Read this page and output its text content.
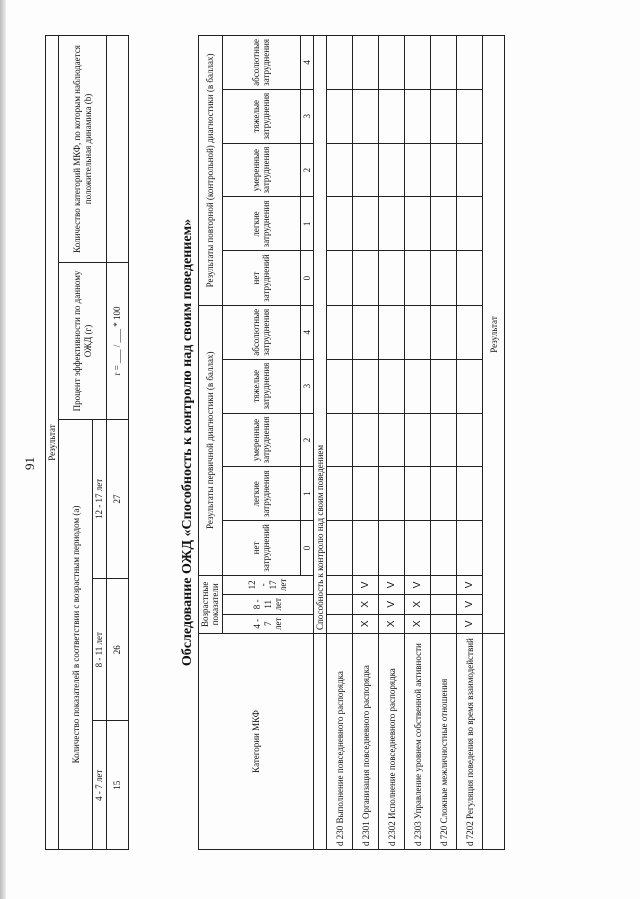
91
Результат				
Количество показателей в соответствии с возрастным периодом (а)			Процент эффективности по данному ОЖД (г)	Количество категорий МКФ, по которым наблюдается положительная динамика (b)
4 - 7 лет	8 - 11 лет	12 - 17 лет		
15	26	27	r = ___ / ___ * 100		Обследование ОЖД «Способность к контролю над своим поведением»
Категории МКФ	Возрастные показатели			Результаты первичной диагностики (в баллах)					Результаты повторной (контрольной) диагностики (в баллах)				
	4 - 7 лет	8 - 11 лет	12 - 17 лет	нет затруднений	легкие затруднения	умеренные затруднения	тяжелые затруднения	абсолютные затруднения	нет затруднений	легкие затруднения	умеренные затруднения	тяжелые затруднения	абсолютные затруднения
				0	1	2	3	4	0	1	2	3	4
	Способность к контролю над своим поведением												
d 230 Выполнение повседневного распорядка													
d 2301 Организация повседневного распорядка	X	X	V										
d 2302 Исполнение повседневного распорядка	X	V	V										
d 2303 Управление уровнем собственной активности	X	X	V										
d 720 Сложные межличностные отношения													
d 7202 Регуляция поведения во время взаимодействий	V	V	V										
	Результат												
